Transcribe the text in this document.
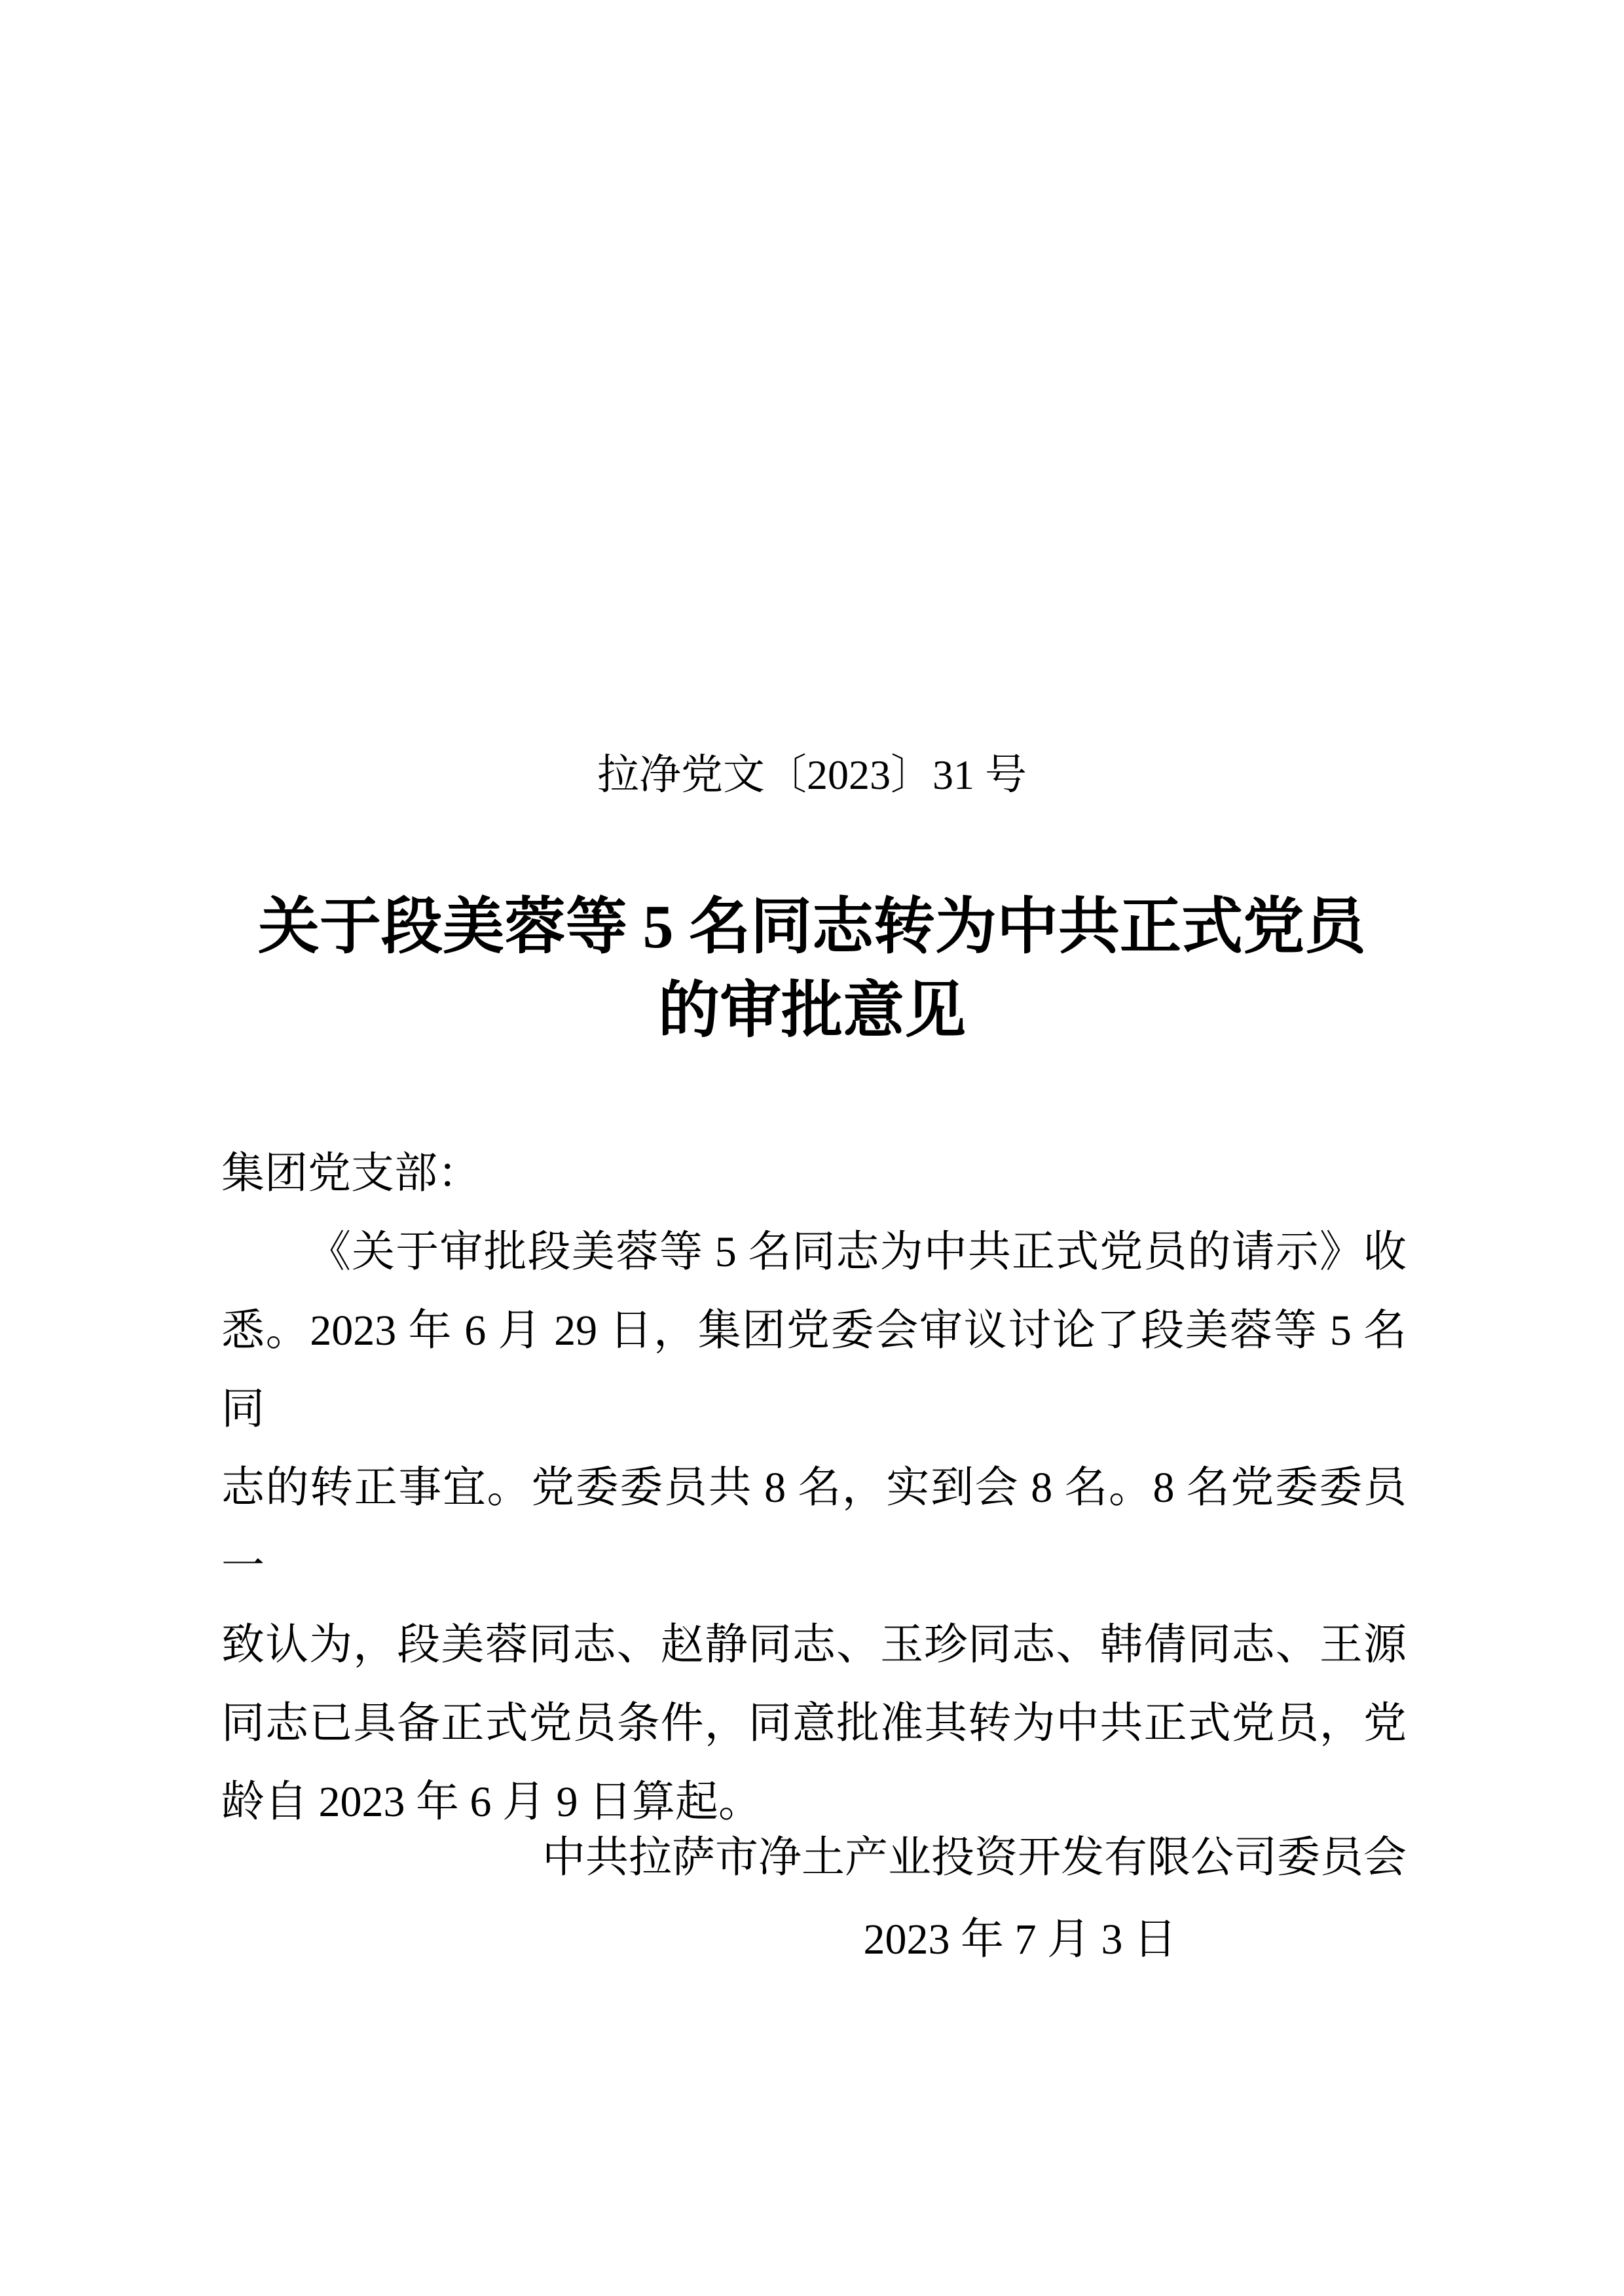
拉净党文〔2023〕31 号
关于段美蓉等 5 名同志转为中共正式党员
的审批意见
集团党支部：
《关于审批段美蓉等 5 名同志为中共正式党员的请示》收
悉。2023 年 6 月 29 日，集团党委会审议讨论了段美蓉等 5 名同
志的转正事宜。党委委员共 8 名，实到会 8 名。8 名党委委员一
致认为，段美蓉同志、赵静同志、玉珍同志、韩倩同志、王源
同志已具备正式党员条件，同意批准其转为中共正式党员，党
龄自 2023 年 6 月 9 日算起。
中共拉萨市净土产业投资开发有限公司委员会
2023 年 7 月 3 日
